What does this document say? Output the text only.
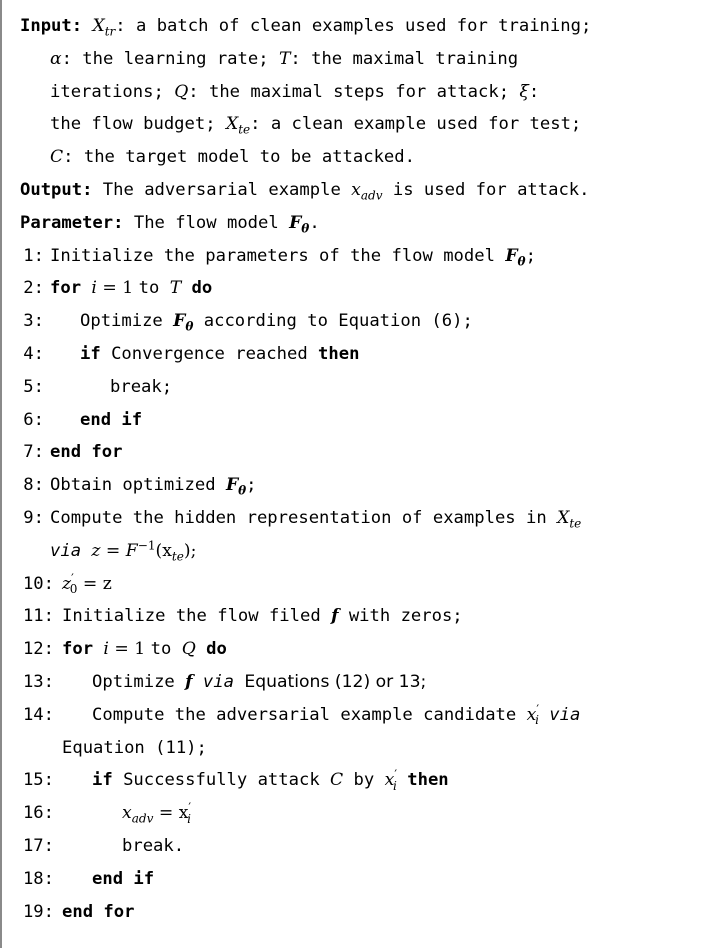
Input: $X_{tr}$: a batch of clean examples used for training;
α: the learning rate; T: the maximal training
iterations; Q: the maximal steps for attack; ξ:
the flow budget; $X_{te}$: a clean example used for test;
C: the target model to be attacked.
Output: The adversarial example $x_{adv}$ is used for attack.
Parameter: The flow model $F_\theta$.
1: Initialize the parameters of the flow model $F_\theta$;
2: for i = 1 to T do
3: Optimize $F_\theta$ according to Equation (6);
4: if Convergence reached then
5:	break;
6: end if
7: end for
8: Obtain optimized $F_\theta$;
9: Compute the hidden representation of examples in $X_{te}$
via $z = F^{-1}(x_{te})$;
10: $z'_0 = z$
11: Initialize the flow filed f with zeros;
12: for i = 1 to Q do
13: Optimize f via Equations (12) or 13;
14: Compute the adversarial example candidate $x'_i$ via
Equation (11);
15: if Successfully attack C by $x'_i$ then
16:	$x_{adv} = x'_i$
17:	break.
18: end if
19: end for
